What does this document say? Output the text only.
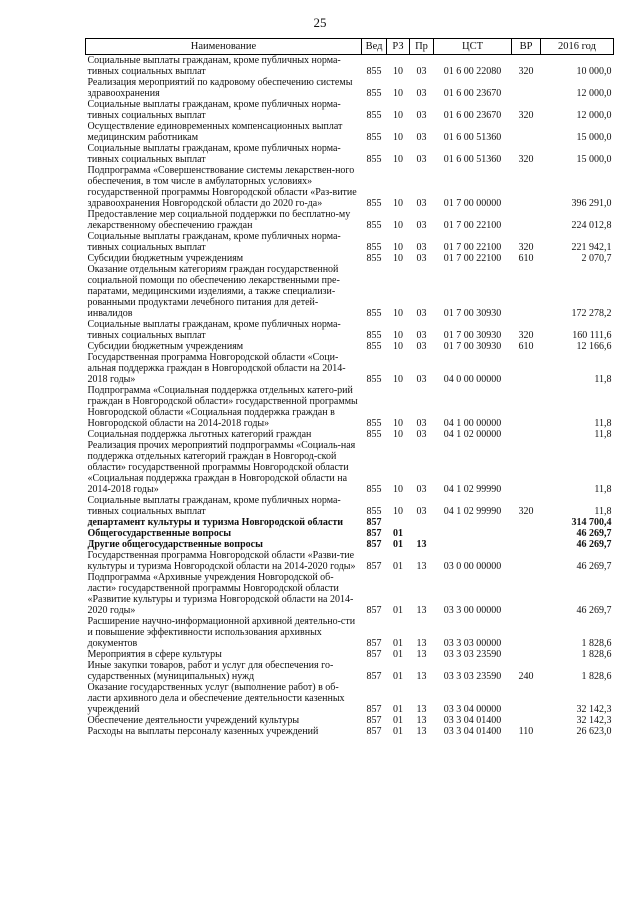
25
Наименование	Вед	РЗ	Пр	ЦСТ	ВР	2016 год
Социальные выплаты гражданам, кроме публичных норма-тивных социальных выплат	855	10	03	01 6 00 22080	320	10 000,0
Реализация мероприятий по кадровому обеспечению системы здравоохранения	855	10	03	01 6 00 23670		12 000,0
Социальные выплаты гражданам, кроме публичных норма-тивных социальных выплат	855	10	03	01 6 00 23670	320	12 000,0
Осуществление единовременных компенсационных выплат медицинским работникам	855	10	03	01 6 00 51360		15 000,0
Социальные выплаты гражданам, кроме публичных норма-тивных социальных выплат	855	10	03	01 6 00 51360	320	15 000,0
Подпрограмма «Совершенствование системы лекарствен-ного обеспечения, в том числе в амбулаторных условиях» государственной программы Новгородской области «Раз-витие здравоохранения Новгородской области до 2020 го-да»	855	10	03	01 7 00 00000		396 291,0
Предоставление мер социальной поддержки по бесплатно-му лекарственному обеспечению граждан	855	10	03	01 7 00 22100		224 012,8
Социальные выплаты гражданам, кроме публичных норма-тивных социальных выплат	855	10	03	01 7 00 22100	320	221 942,1
Субсидии бюджетным учреждениям	855	10	03	01 7 00 22100	610	2 070,7
Оказание отдельным категориям граждан государственной социальной помощи по обеспечению лекарственными пре-паратами, медицинскими изделиями, а также специализи-рованными продуктами лечебного питания для детей-инвалидов	855	10	03	01 7 00 30930		172 278,2
Социальные выплаты гражданам, кроме публичных норма-тивных социальных выплат	855	10	03	01 7 00 30930	320	160 111,6
Субсидии бюджетным учреждениям	855	10	03	01 7 00 30930	610	12 166,6
Государственная программа Новгородской области «Соци-альная поддержка граждан в Новгородской области на 2014-2018 годы»	855	10	03	04 0 00 00000		11,8
Подпрограмма «Социальная поддержка отдельных катего-рий граждан в Новгородской области» государственной программы Новгородской области «Социальная поддержка граждан в Новгородской области на 2014-2018 годы»	855	10	03	04 1 00 00000		11,8
Социальная поддержка льготных категорий граждан	855	10	03	04 1 02 00000		11,8
Реализация прочих мероприятий подпрограммы «Социаль-ная поддержка отдельных категорий граждан в Новгород-ской области» государственной программы Новгородской области «Социальная поддержка граждан в Новгородской области на 2014-2018 годы»	855	10	03	04 1 02 99990		11,8
Социальные выплаты гражданам, кроме публичных норма-тивных социальных выплат	855	10	03	04 1 02 99990	320	11,8
департамент культуры и туризма Новгородской области	857					314 700,4
Общегосударственные вопросы	857	01				46 269,7
Другие общегосударственные вопросы	857	01	13			46 269,7
Государственная программа Новгородской области «Разви-тие культуры и туризма Новгородской области на 2014-2020 годы»	857	01	13	03 0 00 00000		46 269,7
Подпрограмма «Архивные учреждения Новгородской об-ласти» государственной программы Новгородской области «Развитие культуры и туризма Новгородской области на 2014-2020 годы»	857	01	13	03 3 00 00000		46 269,7
Расширение научно-информационной архивной деятельно-сти и повышение эффективности использования архивных документов	857	01	13	03 3 03 00000		1 828,6
Мероприятия в сфере культуры	857	01	13	03 3 03 23590		1 828,6
Иные закупки товаров, работ и услуг для обеспечения го-сударственных (муниципальных) нужд	857	01	13	03 3 03 23590	240	1 828,6
Оказание государственных услуг (выполнение работ) в об-ласти архивного дела и обеспечение деятельности казенных учреждений	857	01	13	03 3 04 00000		32 142,3
Обеспечение деятельности учреждений культуры	857	01	13	03 3 04 01400		32 142,3
Расходы на выплаты персоналу казенных учреждений	857	01	13	03 3 04 01400	110	26 623,0
